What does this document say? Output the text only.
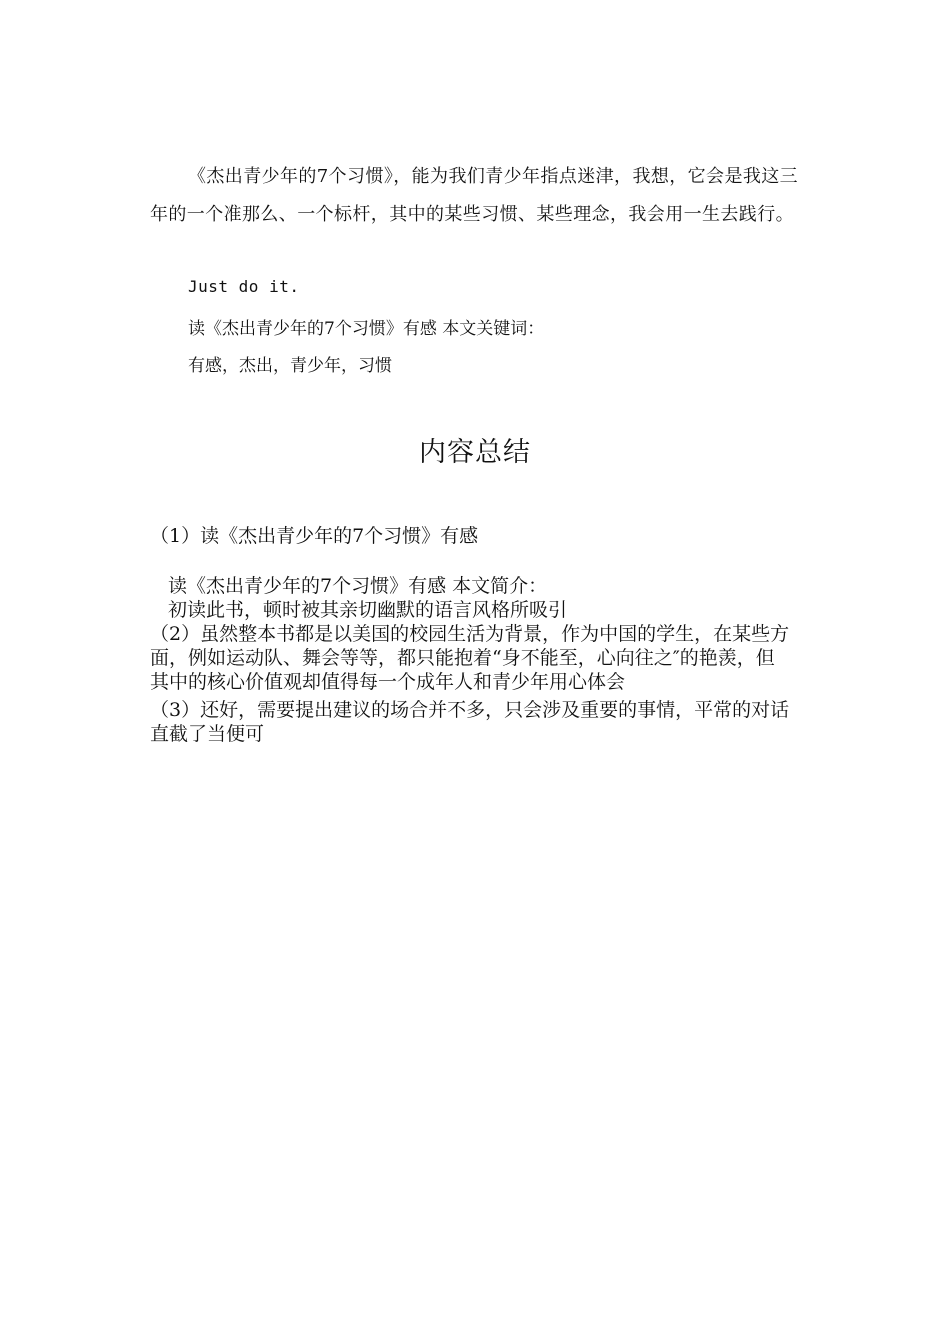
《杰出青少年的7个习惯》，能为我们青少年指点迷津，我想，它会是我这三年的一个准那么、一个标杆，其中的某些习惯、某些理念，我会用一生去践行。

Just do it.

读《杰出青少年的7个习惯》有感 本文关键词：

有感，杰出，青少年，习惯

内容总结

（1）读《杰出青少年的7个习惯》有感

读《杰出青少年的7个习惯》有感 本文简介：

初读此书，顿时被其亲切幽默的语言风格所吸引

（2）虽然整本书都是以美国的校园生活为背景，作为中国的学生，在某些方面，例如运动队、舞会等等，都只能抱着“身不能至，心向往之″的艳羡，但其中的核心价值观却值得每一个成年人和青少年用心体会

（3）还好，需要提出建议的场合并不多，只会涉及重要的事情，平常的对话直截了当便可
